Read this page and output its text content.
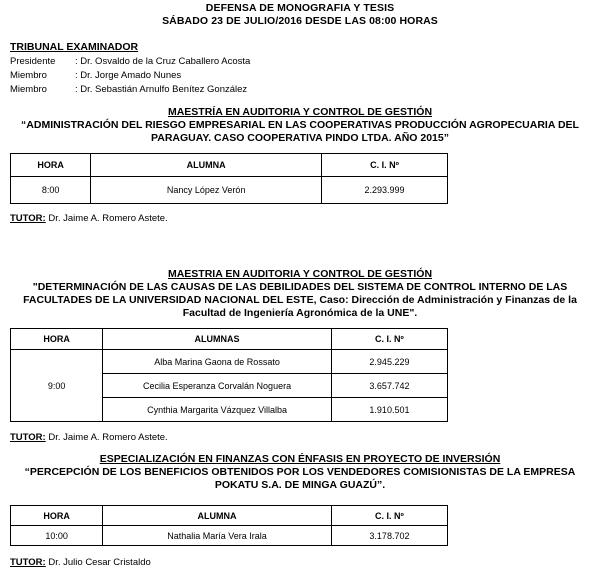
DEFENSA DE MONOGRAFIA Y TESIS
SÁBADO 23 DE JULIO/2016 DESDE LAS 08:00 HORAS
TRIBUNAL EXAMINADOR
Presidente : Dr. Osvaldo de la Cruz Caballero Acosta
Miembro	: Dr. Jorge Amado Nunes
Miembro	: Dr. Sebastián Arnulfo Benítez González
MAESTRÍA EN AUDITORIA Y CONTROL DE GESTIÓN
“ADMINISTRACIÓN DEL RIESGO EMPRESARIAL EN LAS COOPERATIVAS PRODUCCIÓN AGROPECUARIA DEL
PARAGUAY. CASO COOPERATIVA PINDO LTDA. AÑO 2015”
HORA	ALUMNA	C. I. Nº
8:00	Nancy López Verón	2.293.999
TUTOR: Dr. Jaime A. Romero Astete.
MAESTRIA EN AUDITORIA Y CONTROL DE GESTIÓN
"DETERMINACIÓN DE LAS CAUSAS DE LAS DEBILIDADES DEL SISTEMA DE CONTROL INTERNO DE LAS
FACULTADES DE LA UNIVERSIDAD NACIONAL DEL ESTE, Caso: Dirección de Administración y Finanzas de la
Facultad de Ingeniería Agronómica de la UNE".
HORA	ALUMNAS	C. I. Nº
9:00	Alba Marina Gaona de Rossato	2.945.229
	Cecilia Esperanza Corvalán Noguera	3.657.742
	Cynthia Margarita Vázquez Villalba	1.910.501
TUTOR: Dr. Jaime A. Romero Astete.
ESPECIALIZACIÓN EN FINANZAS CON ÉNFASIS EN PROYECTO DE INVERSIÓN
“PERCEPCIÓN DE LOS BENEFICIOS OBTENIDOS POR LOS VENDEDORES COMISIONISTAS DE LA EMPRESA
POKATU S.A. DE MINGA GUAZÚ”.
HORA	ALUMNA	C. I. Nº
10:00	Nathalia María Vera Irala	3.178.702
TUTOR: Dr. Julio Cesar Cristaldo
